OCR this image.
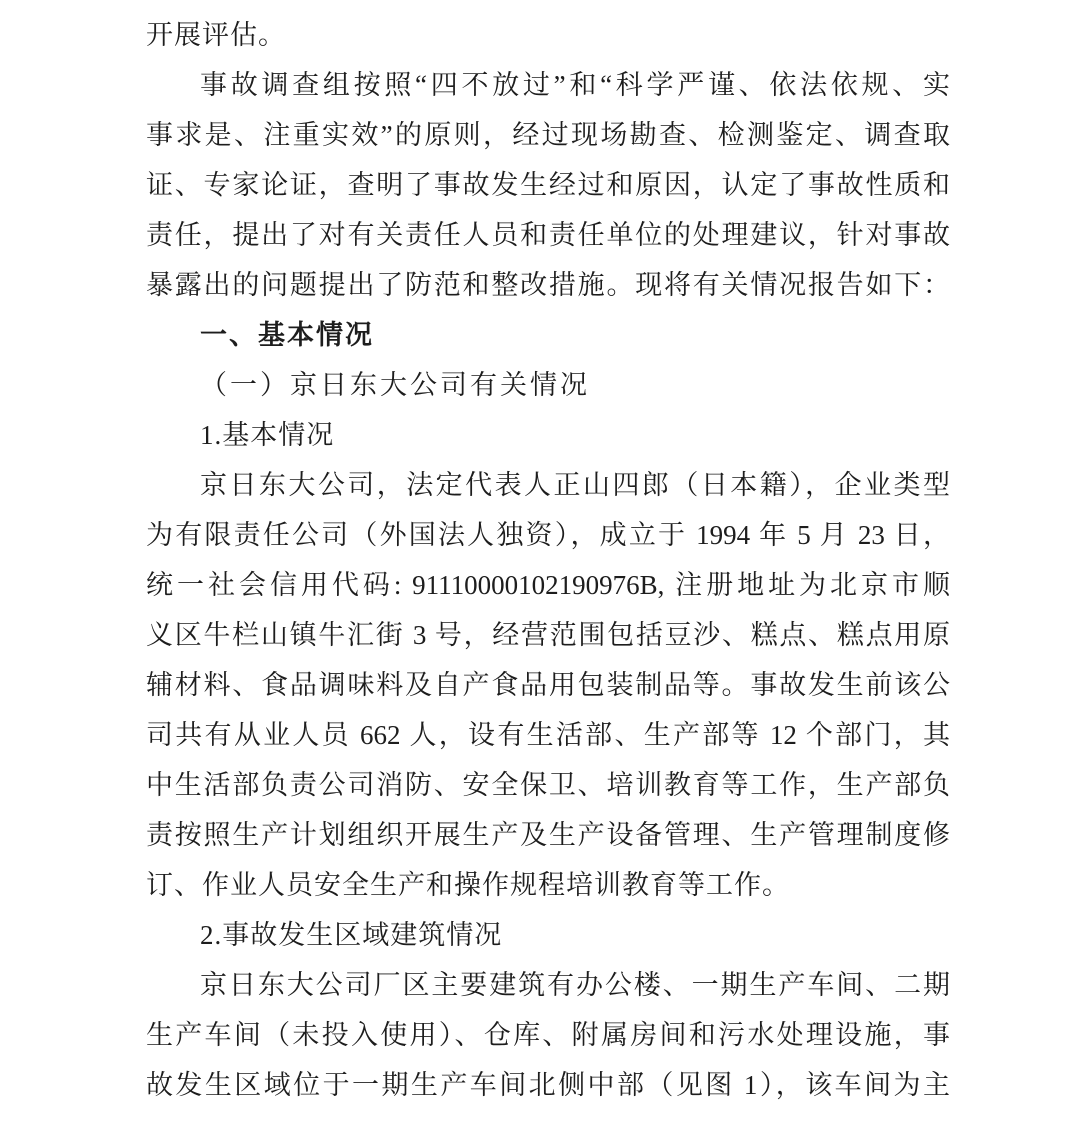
开展评估。
事故调查组按照“四不放过”和“科学严谨、依法依规、实
事求是、注重实效”的原则，经过现场勘查、检测鉴定、调查取
证、专家论证，查明了事故发生经过和原因，认定了事故性质和
责任，提出了对有关责任人员和责任单位的处理建议，针对事故
暴露出的问题提出了防范和整改措施。现将有关情况报告如下：
一、基本情况
（一）京日东大公司有关情况
1.基本情况
京日东大公司，法定代表人正山四郎（日本籍），企业类型
为有限责任公司（外国法人独资），成立于 1994 年 5 月 23 日，
统一社会信用代码: 91110000102190976B, 注册地址为北京市顺
义区牛栏山镇牛汇街 3 号，经营范围包括豆沙、糕点、糕点用原
辅材料、食品调味料及自产食品用包装制品等。事故发生前该公
司共有从业人员 662 人，设有生活部、生产部等 12 个部门，其
中生活部负责公司消防、安全保卫、培训教育等工作，生产部负
责按照生产计划组织开展生产及生产设备管理、生产管理制度修
订、作业人员安全生产和操作规程培训教育等工作。
2.事故发生区域建筑情况
京日东大公司厂区主要建筑有办公楼、一期生产车间、二期
生产车间（未投入使用）、仓库、附属房间和污水处理设施，事
故发生区域位于一期生产车间北侧中部（见图 1），该车间为主
